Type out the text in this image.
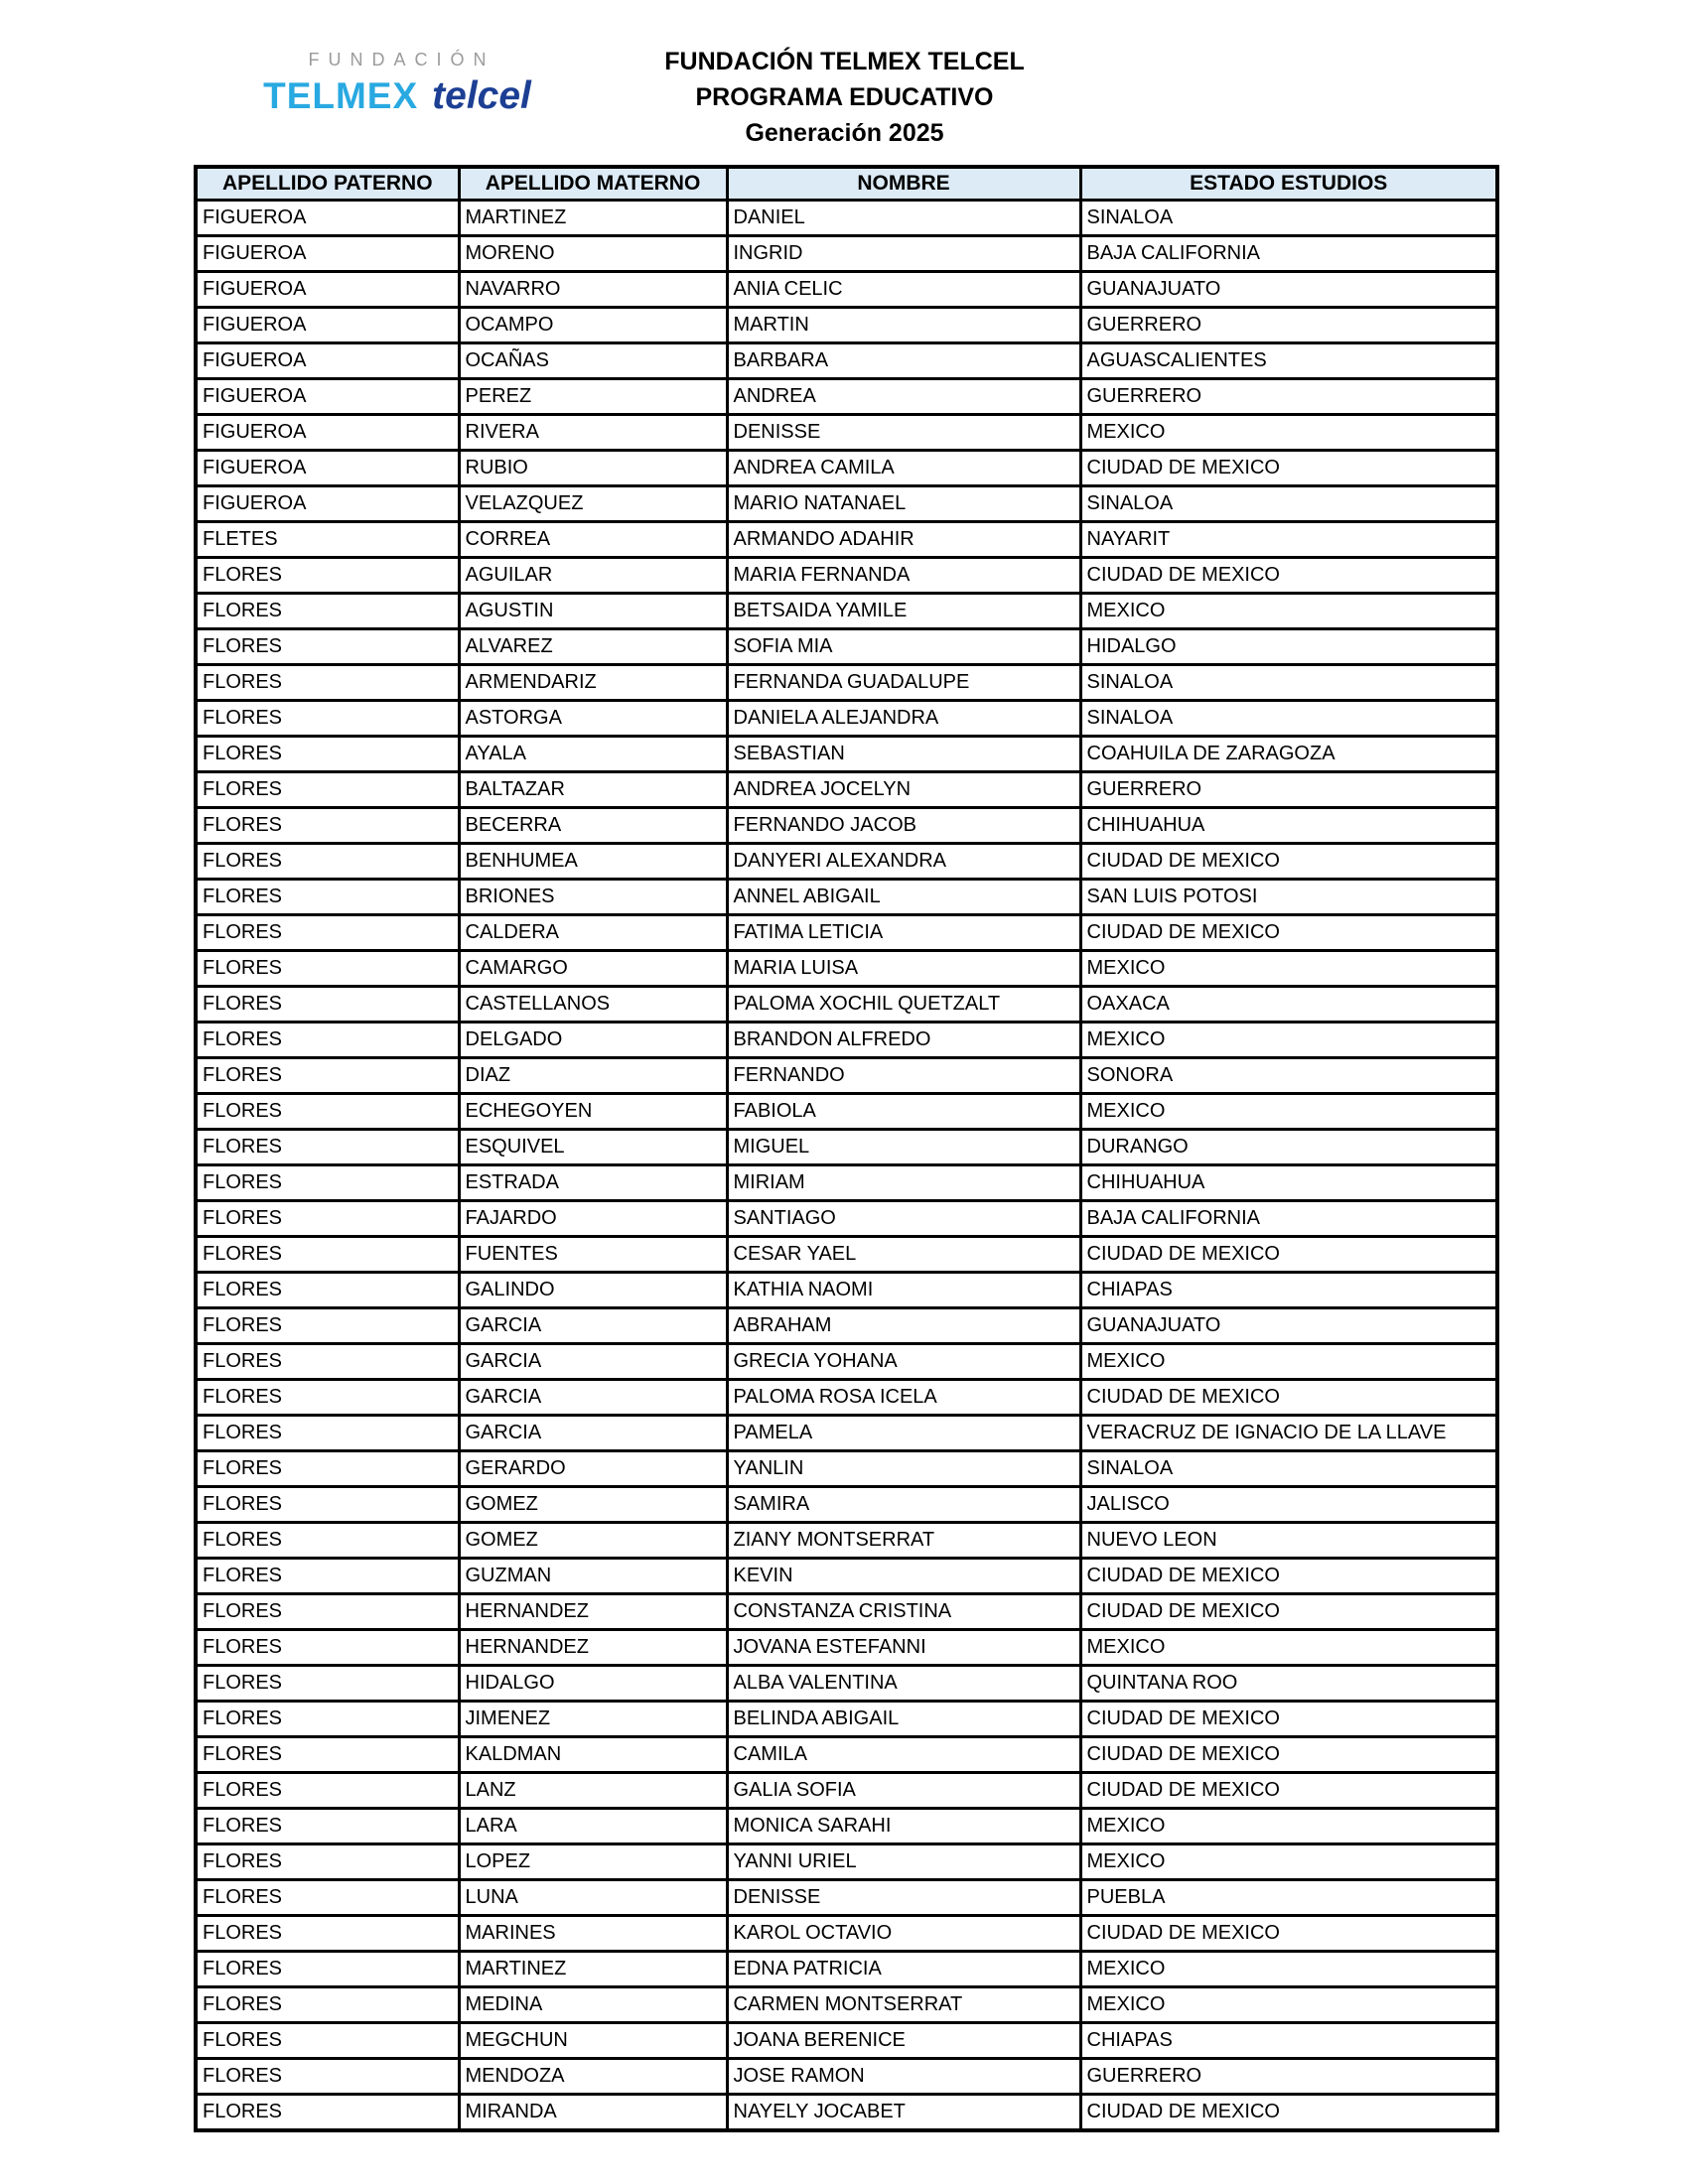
FUNDACIÓN
TELMEX telcel
FUNDACIÓN TELMEX TELCEL
PROGRAMA EDUCATIVO
Generación 2025
APELLIDO PATERNO	APELLIDO MATERNO	NOMBRE	ESTADO ESTUDIOS
FIGUEROA	MARTINEZ	DANIEL	SINALOA
FIGUEROA	MORENO	INGRID	BAJA CALIFORNIA
FIGUEROA	NAVARRO	ANIA CELIC	GUANAJUATO
FIGUEROA	OCAMPO	MARTIN	GUERRERO
FIGUEROA	OCAÑAS	BARBARA	AGUASCALIENTES
FIGUEROA	PEREZ	ANDREA	GUERRERO
FIGUEROA	RIVERA	DENISSE	MEXICO
FIGUEROA	RUBIO	ANDREA CAMILA	CIUDAD DE MEXICO
FIGUEROA	VELAZQUEZ	MARIO NATANAEL	SINALOA
FLETES	CORREA	ARMANDO ADAHIR	NAYARIT
FLORES	AGUILAR	MARIA FERNANDA	CIUDAD DE MEXICO
FLORES	AGUSTIN	BETSAIDA YAMILE	MEXICO
FLORES	ALVAREZ	SOFIA MIA	HIDALGO
FLORES	ARMENDARIZ	FERNANDA GUADALUPE	SINALOA
FLORES	ASTORGA	DANIELA ALEJANDRA	SINALOA
FLORES	AYALA	SEBASTIAN	COAHUILA DE ZARAGOZA
FLORES	BALTAZAR	ANDREA JOCELYN	GUERRERO
FLORES	BECERRA	FERNANDO JACOB	CHIHUAHUA
FLORES	BENHUMEA	DANYERI ALEXANDRA	CIUDAD DE MEXICO
FLORES	BRIONES	ANNEL ABIGAIL	SAN LUIS POTOSI
FLORES	CALDERA	FATIMA LETICIA	CIUDAD DE MEXICO
FLORES	CAMARGO	MARIA LUISA	MEXICO
FLORES	CASTELLANOS	PALOMA XOCHIL QUETZALT	OAXACA
FLORES	DELGADO	BRANDON ALFREDO	MEXICO
FLORES	DIAZ	FERNANDO	SONORA
FLORES	ECHEGOYEN	FABIOLA	MEXICO
FLORES	ESQUIVEL	MIGUEL	DURANGO
FLORES	ESTRADA	MIRIAM	CHIHUAHUA
FLORES	FAJARDO	SANTIAGO	BAJA CALIFORNIA
FLORES	FUENTES	CESAR YAEL	CIUDAD DE MEXICO
FLORES	GALINDO	KATHIA NAOMI	CHIAPAS
FLORES	GARCIA	ABRAHAM	GUANAJUATO
FLORES	GARCIA	GRECIA YOHANA	MEXICO
FLORES	GARCIA	PALOMA ROSA ICELA	CIUDAD DE MEXICO
FLORES	GARCIA	PAMELA	VERACRUZ DE IGNACIO DE LA LLAVE
FLORES	GERARDO	YANLIN	SINALOA
FLORES	GOMEZ	SAMIRA	JALISCO
FLORES	GOMEZ	ZIANY MONTSERRAT	NUEVO LEON
FLORES	GUZMAN	KEVIN	CIUDAD DE MEXICO
FLORES	HERNANDEZ	CONSTANZA CRISTINA	CIUDAD DE MEXICO
FLORES	HERNANDEZ	JOVANA ESTEFANNI	MEXICO
FLORES	HIDALGO	ALBA VALENTINA	QUINTANA ROO
FLORES	JIMENEZ	BELINDA ABIGAIL	CIUDAD DE MEXICO
FLORES	KALDMAN	CAMILA	CIUDAD DE MEXICO
FLORES	LANZ	GALIA SOFIA	CIUDAD DE MEXICO
FLORES	LARA	MONICA SARAHI	MEXICO
FLORES	LOPEZ	YANNI URIEL	MEXICO
FLORES	LUNA	DENISSE	PUEBLA
FLORES	MARINES	KAROL OCTAVIO	CIUDAD DE MEXICO
FLORES	MARTINEZ	EDNA PATRICIA	MEXICO
FLORES	MEDINA	CARMEN MONTSERRAT	MEXICO
FLORES	MEGCHUN	JOANA BERENICE	CHIAPAS
FLORES	MENDOZA	JOSE RAMON	GUERRERO
FLORES	MIRANDA	NAYELY JOCABET	CIUDAD DE MEXICO
